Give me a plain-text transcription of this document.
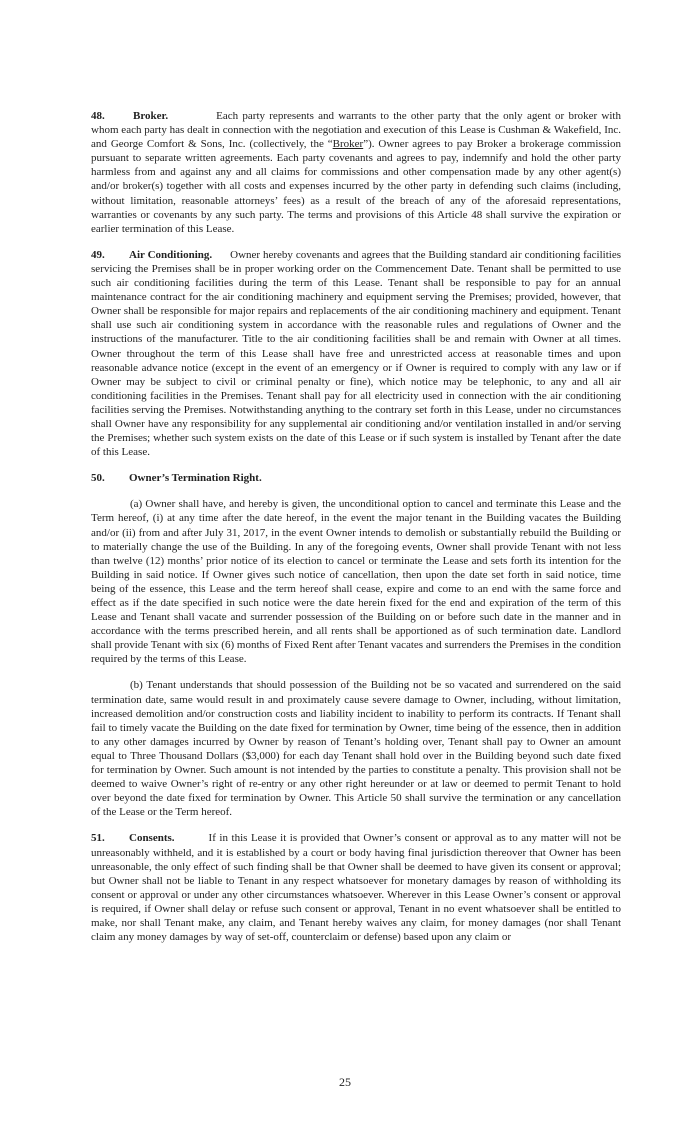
48.	Broker.	Each party represents and warrants to the other party that the only agent or broker with whom each party has dealt in connection with the negotiation and execution of this Lease is Cushman & Wakefield, Inc. and George Comfort & Sons, Inc. (collectively, the “Broker”). Owner agrees to pay Broker a brokerage commission pursuant to separate written agreements. Each party covenants and agrees to pay, indemnify and hold the other party harmless from and against any and all claims for commissions and other compensation made by any other agent(s) and/or broker(s) together with all costs and expenses incurred by the other party in defending such claims (including, without limitation, reasonable attorneys’ fees) as a result of the breach of any of the aforesaid representations, warranties or covenants by any such party. The terms and provisions of this Article 48 shall survive the expiration or earlier termination of this Lease.

49. Air Conditioning. Owner hereby covenants and agrees that the Building standard air conditioning facilities servicing the Premises shall be in proper working order on the Commencement Date. Tenant shall be permitted to use such air conditioning facilities during the term of this Lease. Tenant shall be responsible to pay for an annual maintenance contract for the air conditioning machinery and equipment serving the Premises; provided, however, that Owner shall be responsible for major repairs and replacements of the air conditioning machinery and equipment. Tenant shall use such air conditioning system in accordance with the reasonable rules and regulations of Owner and the instructions of the manufacturer. Title to the air conditioning facilities shall be and remain with Owner at all times. Owner throughout the term of this Lease shall have free and unrestricted access at reasonable times and upon reasonable advance notice (except in the event of an emergency or if Owner is required to comply with any law or if Owner may be subject to civil or criminal penalty or fine), which notice may be telephonic, to any and all air conditioning facilities in the Premises. Tenant shall pay for all electricity used in connection with the air conditioning facilities serving the Premises. Notwithstanding anything to the contrary set forth in this Lease, under no circumstances shall Owner have any responsibility for any supplemental air conditioning and/or ventilation installed in and/or serving the Premises; whether such system exists on the date of this Lease or if such system is installed by Tenant after the date of this Lease.

50. Owner’s Termination Right.

(a) Owner shall have, and hereby is given, the unconditional option to cancel and terminate this Lease and the Term hereof, (i) at any time after the date hereof, in the event the major tenant in the Building vacates the Building and/or (ii) from and after July 31, 2017, in the event Owner intends to demolish or substantially rebuild the Building or to materially change the use of the Building. In any of the foregoing events, Owner shall provide Tenant with not less than twelve (12) months’ prior notice of its election to cancel or terminate the Lease and sets forth its intention for the Building in said notice. If Owner gives such notice of cancellation, then upon the date set forth in said notice, time being of the essence, this Lease and the term hereof shall cease, expire and come to an end with the same force and effect as if the date specified in such notice were the date herein fixed for the end and expiration of the term of this Lease and Tenant shall vacate and surrender possession of the Building on or before such date in the manner and in accordance with the terms prescribed herein, and all rents shall be apportioned as of such termination date. Landlord shall provide Tenant with six (6) months of Fixed Rent after Tenant vacates and surrenders the Premises in the condition required by the terms of this Lease.

(b) Tenant understands that should possession of the Building not be so vacated and surrendered on the said termination date, same would result in and proximately cause severe damage to Owner, including, without limitation, increased demolition and/or construction costs and liability incident to inability to perform its contracts. If Tenant shall fail to timely vacate the Building on the date fixed for termination by Owner, time being of the essence, then in addition to any other damages incurred by Owner by reason of Tenant’s holding over, Tenant shall pay to Owner an amount equal to Three Thousand Dollars ($3,000) for each day Tenant shall hold over in the Building beyond such date fixed for termination by Owner. Such amount is not intended by the parties to constitute a penalty. This provision shall not be deemed to waive Owner’s right of re-entry or any other right hereunder or at law or deemed to permit Tenant to hold over beyond the date fixed for termination by Owner. This Article 50 shall survive the termination or any cancellation of the Lease or the Term hereof.

51. Consents.	If in this Lease it is provided that Owner’s consent or approval as to any matter will not be unreasonably withheld, and it is established by a court or body having final jurisdiction thereover that Owner has been unreasonable, the only effect of such finding shall be that Owner shall be deemed to have given its consent or approval; but Owner shall not be liable to Tenant in any respect whatsoever for monetary damages by reason of withholding its consent or approval or under any other circumstances whatsoever. Wherever in this Lease Owner’s consent or approval is required, if Owner shall delay or refuse such consent or approval, Tenant in no event whatsoever shall be entitled to make, nor shall Tenant make, any claim, and Tenant hereby waives any claim, for money damages (nor shall Tenant claim any money damages by way of set-off, counterclaim or defense) based upon any claim or

25
